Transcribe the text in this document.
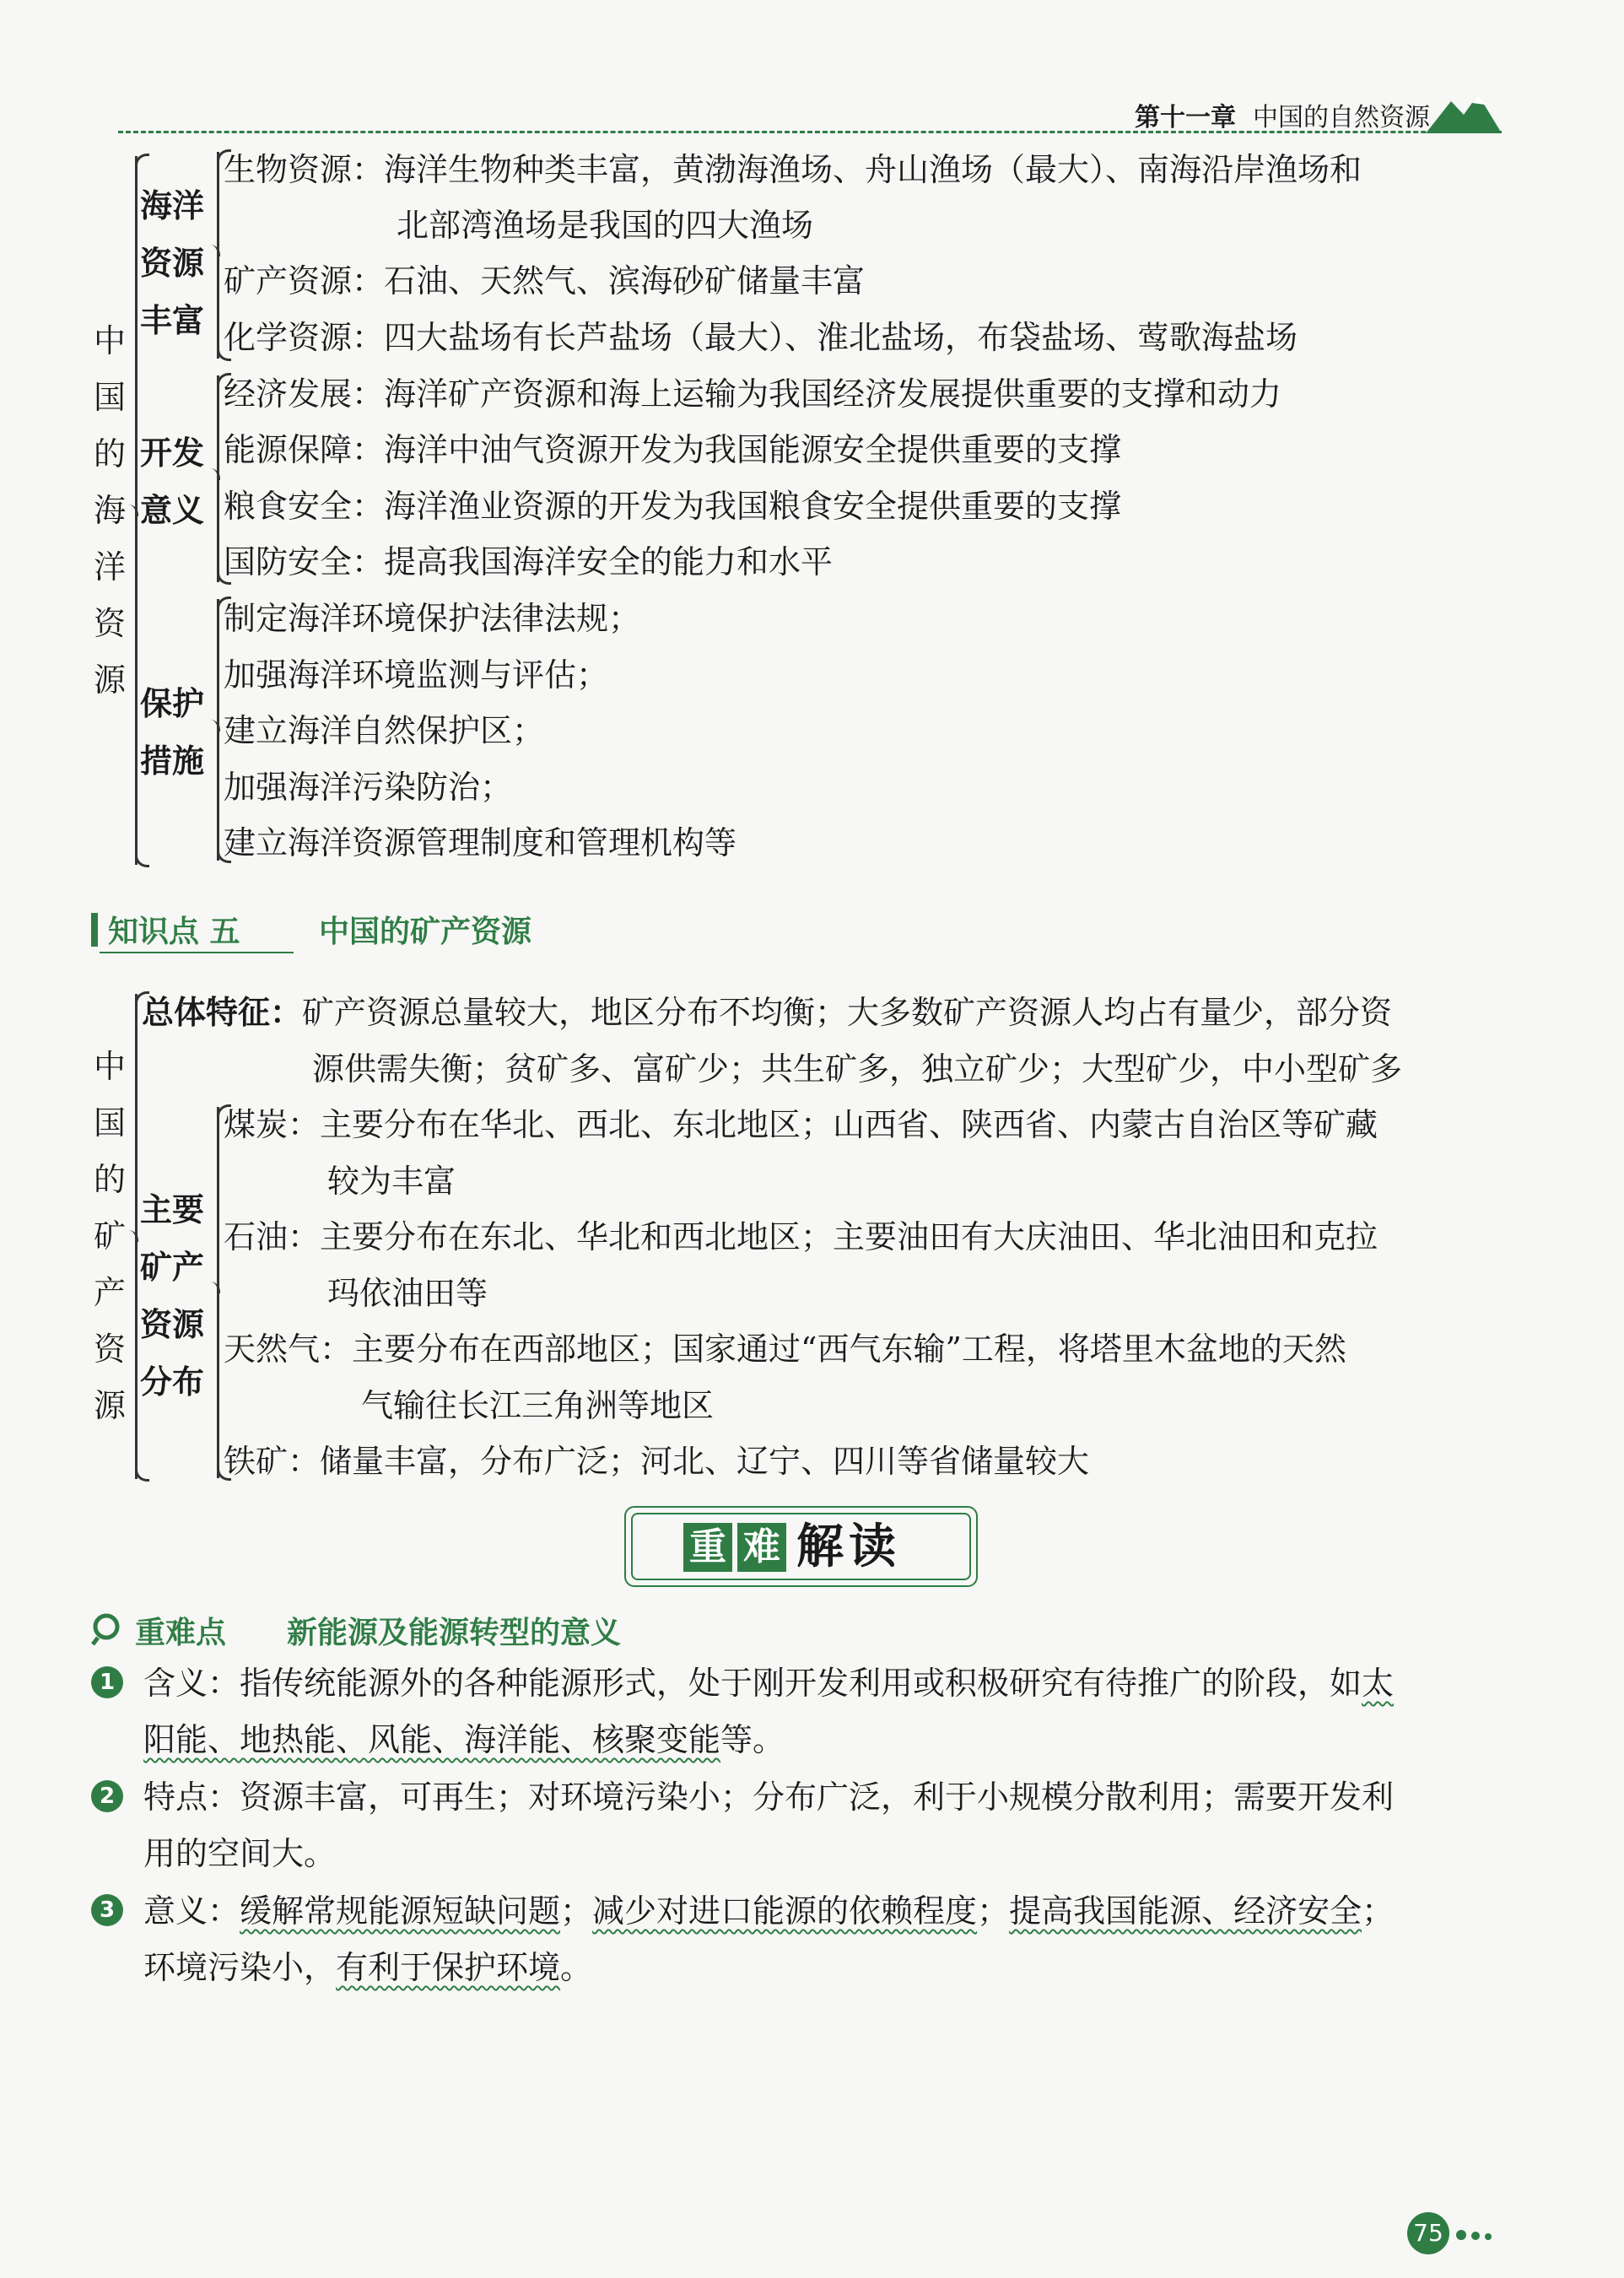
第十一章 中国的自然资源
中
国
的
海
洋
资
源
海洋
资源
丰富
生物资源：海洋生物种类丰富，黄渤海渔场、舟山渔场（最大）、南海沿岸渔场和
北部湾渔场是我国的四大渔场
矿产资源：石油、天然气、滨海砂矿储量丰富
化学资源：四大盐场有长芦盐场（最大）、淮北盐场，布袋盐场、莺歌海盐场
开发
意义
经济发展：海洋矿产资源和海上运输为我国经济发展提供重要的支撑和动力
能源保障：海洋中油气资源开发为我国能源安全提供重要的支撑
粮食安全：海洋渔业资源的开发为我国粮食安全提供重要的支撑
国防安全：提高我国海洋安全的能力和水平
保护
措施
制定海洋环境保护法律法规；
加强海洋环境监测与评估；
建立海洋自然保护区；
加强海洋污染防治；
建立海洋资源管理制度和管理机构等
知识点 五	中国的矿产资源
中
国
的
矿
产
资
源
总体特征：矿产资源总量较大，地区分布不均衡；大多数矿产资源人均占有量少，部分资
源供需失衡；贫矿多、富矿少；共生矿多，独立矿少；大型矿少，中小型矿多
主要
矿产
资源
分布
煤炭：主要分布在华北、西北、东北地区；山西省、陕西省、内蒙古自治区等矿藏
较为丰富
石油：主要分布在东北、华北和西北地区；主要油田有大庆油田、华北油田和克拉
玛依油田等
天然气：主要分布在西部地区；国家通过“西气东输”工程，将塔里木盆地的天然
气输往长江三角洲等地区
铁矿：储量丰富，分布广泛；河北、辽宁、四川等省储量较大
重 难 解读
重难点 新能源及能源转型的意义
1 含义：指传统能源外的各种能源形式，处于刚开发利用或积极研究有待推广的阶段，如太
阳能、地热能、风能、海洋能、核聚变能等。
2 特点：资源丰富，可再生；对环境污染小；分布广泛，利于小规模分散利用；需要开发利
用的空间大。
3 意义：缓解常规能源短缺问题；减少对进口能源的依赖程度；提高我国能源、经济安全；
环境污染小，有利于保护环境。
75
